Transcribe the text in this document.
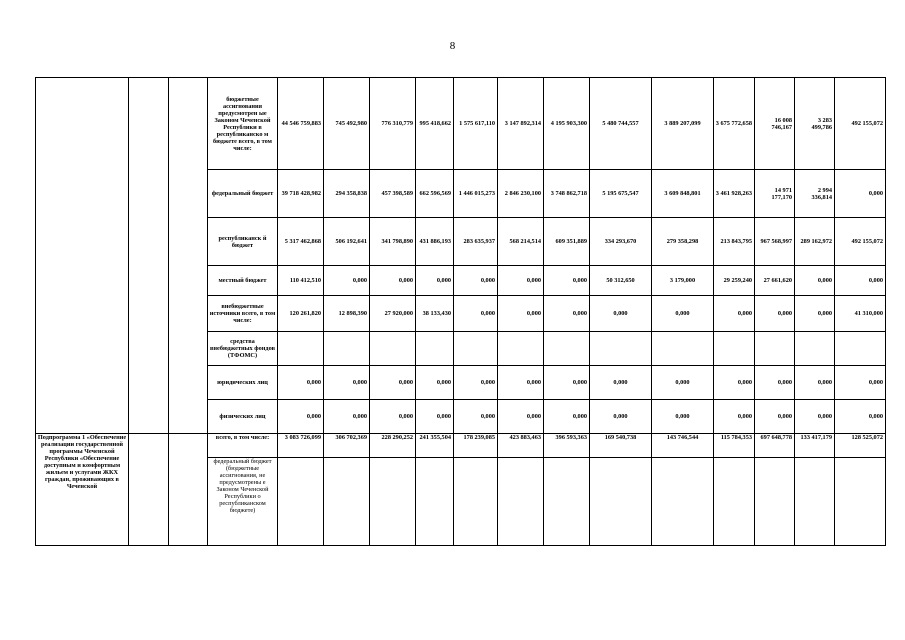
8
			бюджетные ассигнования предусмотрен ые Законом Чеченской Республики в республиканско м бюджете всего, в том числе:	44 546 759,883	745 492,980	776 310,779	995 418,662	1 575 617,110	3 147 892,314	4 195 903,300	5 480 744,557	3 889 207,099	3 675 772,658	16 008 746,167	3 283 499,786	492 155,072
			федеральный бюджет	39 718 428,982	294 358,838	457 398,589	662 596,569	1 446 015,273	2 846 230,100	3 748 862,718	5 195 675,547	3 609 848,801	3 461 928,263	14 971 177,170	2 994 336,814	0,000
			республиканск й бюджет	5 317 462,868	506 192,641	341 798,890	431 886,193	283 635,937	568 214,514	609 351,889	334 293,670	279 358,298	213 843,795	967 568,997	289 162,972	492 155,072
			местный бюджет	110 412,510	0,000	0,000	0,000	0,000	0,000	0,000	50 312,650	3 179,000	29 259,240	27 661,620	0,000	0,000
			внебюджетные источники всего, в том числе:	120 261,820	12 898,390	27 920,000	38 133,430	0,000	0,000	0,000	0,000	0,000	0,000	0,000	0,000	41 310,000
			средства внебюджетных фондов (ТФОМС)													
			юридических лиц	0,000	0,000	0,000	0,000	0,000	0,000	0,000	0,000	0,000	0,000	0,000	0,000	0,000
			физических лиц	0,000	0,000	0,000	0,000	0,000	0,000	0,000	0,000	0,000	0,000	0,000	0,000	0,000
Подпрограмма 1 «Обеспечение реализации государственной программы Чеченской Республики «Обеспечение доступным и комфортным жильем и услугами ЖКХ граждан, проживающих в Чеченской			всего, в том числе:	3 083 726,099	306 702,369	228 290,252	241 355,504	178 239,085	423 883,463	396 593,363	169 540,738	143 746,544	115 784,353	697 648,778	133 417,179	128 525,072
			федеральный бюджет (бюджетные ассигнования, не предусмотрены е Законом Чеченской Республики о республиканском бюджете)													
